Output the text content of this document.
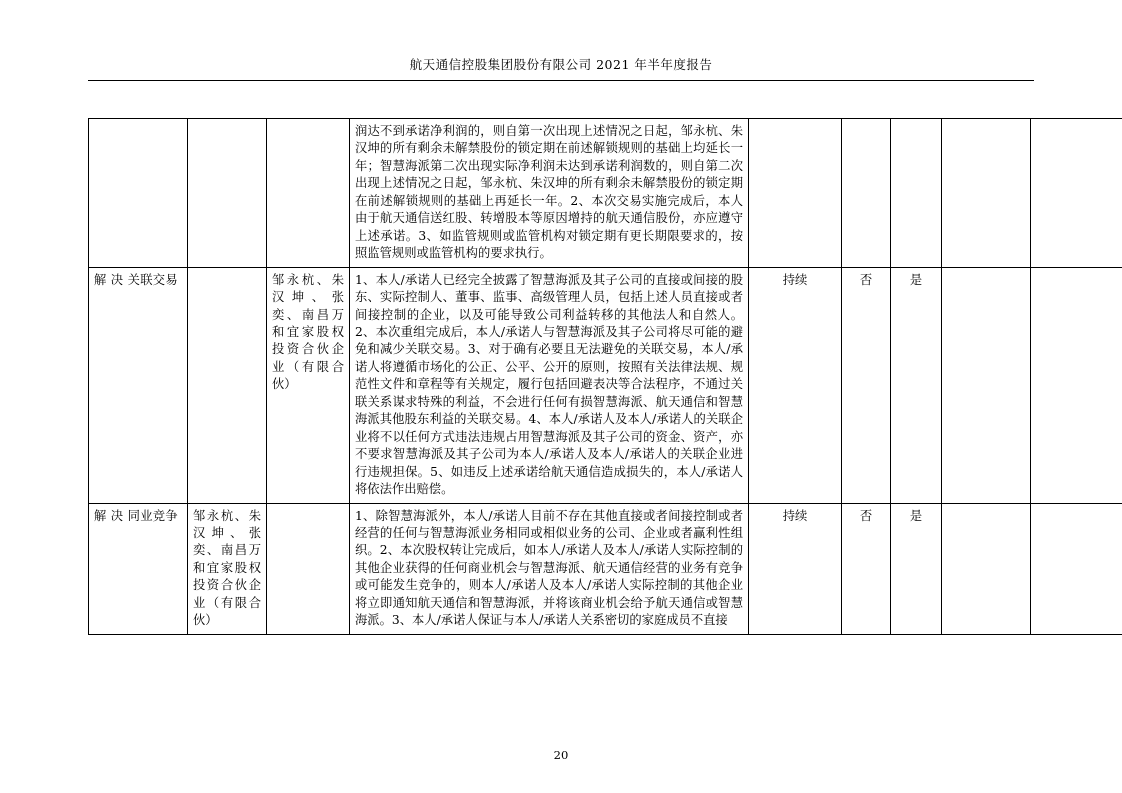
航天通信控股集团股份有限公司 2021 年半年度报告
			润达不到承诺净利润的，则自第一次出现上述情况之日起，邹永杭、朱汉坤的所有剩余未解禁股份的锁定期在前述解锁规则的基础上均延长一年；智慧海派第二次出现实际净利润未达到承诺利润数的，则自第二次出现上述情况之日起，邹永杭、朱汉坤的所有剩余未解禁股份的锁定期在前述解锁规则的基础上再延长一年。2、本次交易实施完成后，本人由于航天通信送红股、转增股本等原因增持的航天通信股份，亦应遵守上述承诺。3、如监管规则或监管机构对锁定期有更长期限要求的，按照监管规则或监管机构的要求执行。					
解 决 关联交易		邹永杭、朱汉坤、张奕、南昌万和宜家股权投资合伙企业（有限合伙）	1、本人/承诺人已经完全披露了智慧海派及其子公司的直接或间接的股东、实际控制人、董事、监事、高级管理人员，包括上述人员直接或者间接控制的企业，以及可能导致公司利益转移的其他法人和自然人。2、本次重组完成后，本人/承诺人与智慧海派及其子公司将尽可能的避免和减少关联交易。3、对于确有必要且无法避免的关联交易，本人/承诺人将遵循市场化的公正、公平、公开的原则，按照有关法律法规、规范性文件和章程等有关规定，履行包括回避表决等合法程序，不通过关联关系谋求特殊的利益，不会进行任何有损智慧海派、航天通信和智慧海派其他股东利益的关联交易。4、本人/承诺人及本人/承诺人的关联企业将不以任何方式违法违规占用智慧海派及其子公司的资金、资产，亦不要求智慧海派及其子公司为本人/承诺人及本人/承诺人的关联企业进行违规担保。5、如违反上述承诺给航天通信造成损失的，本人/承诺人将依法作出赔偿。	持续	否	是		
解 决 同业竞争	邹永杭、朱汉坤、张奕、南昌万和宜家股权投资合伙企业（有限合伙）		1、除智慧海派外，本人/承诺人目前不存在其他直接或者间接控制或者经营的任何与智慧海派业务相同或相似业务的公司、企业或者赢利性组织。2、本次股权转让完成后，如本人/承诺人及本人/承诺人实际控制的其他企业获得的任何商业机会与智慧海派、航天通信经营的业务有竞争或可能发生竞争的，则本人/承诺人及本人/承诺人实际控制的其他企业将立即通知航天通信和智慧海派，并将该商业机会给予航天通信或智慧海派。3、本人/承诺人保证与本人/承诺人关系密切的家庭成员不直接	持续	否	是		
20
